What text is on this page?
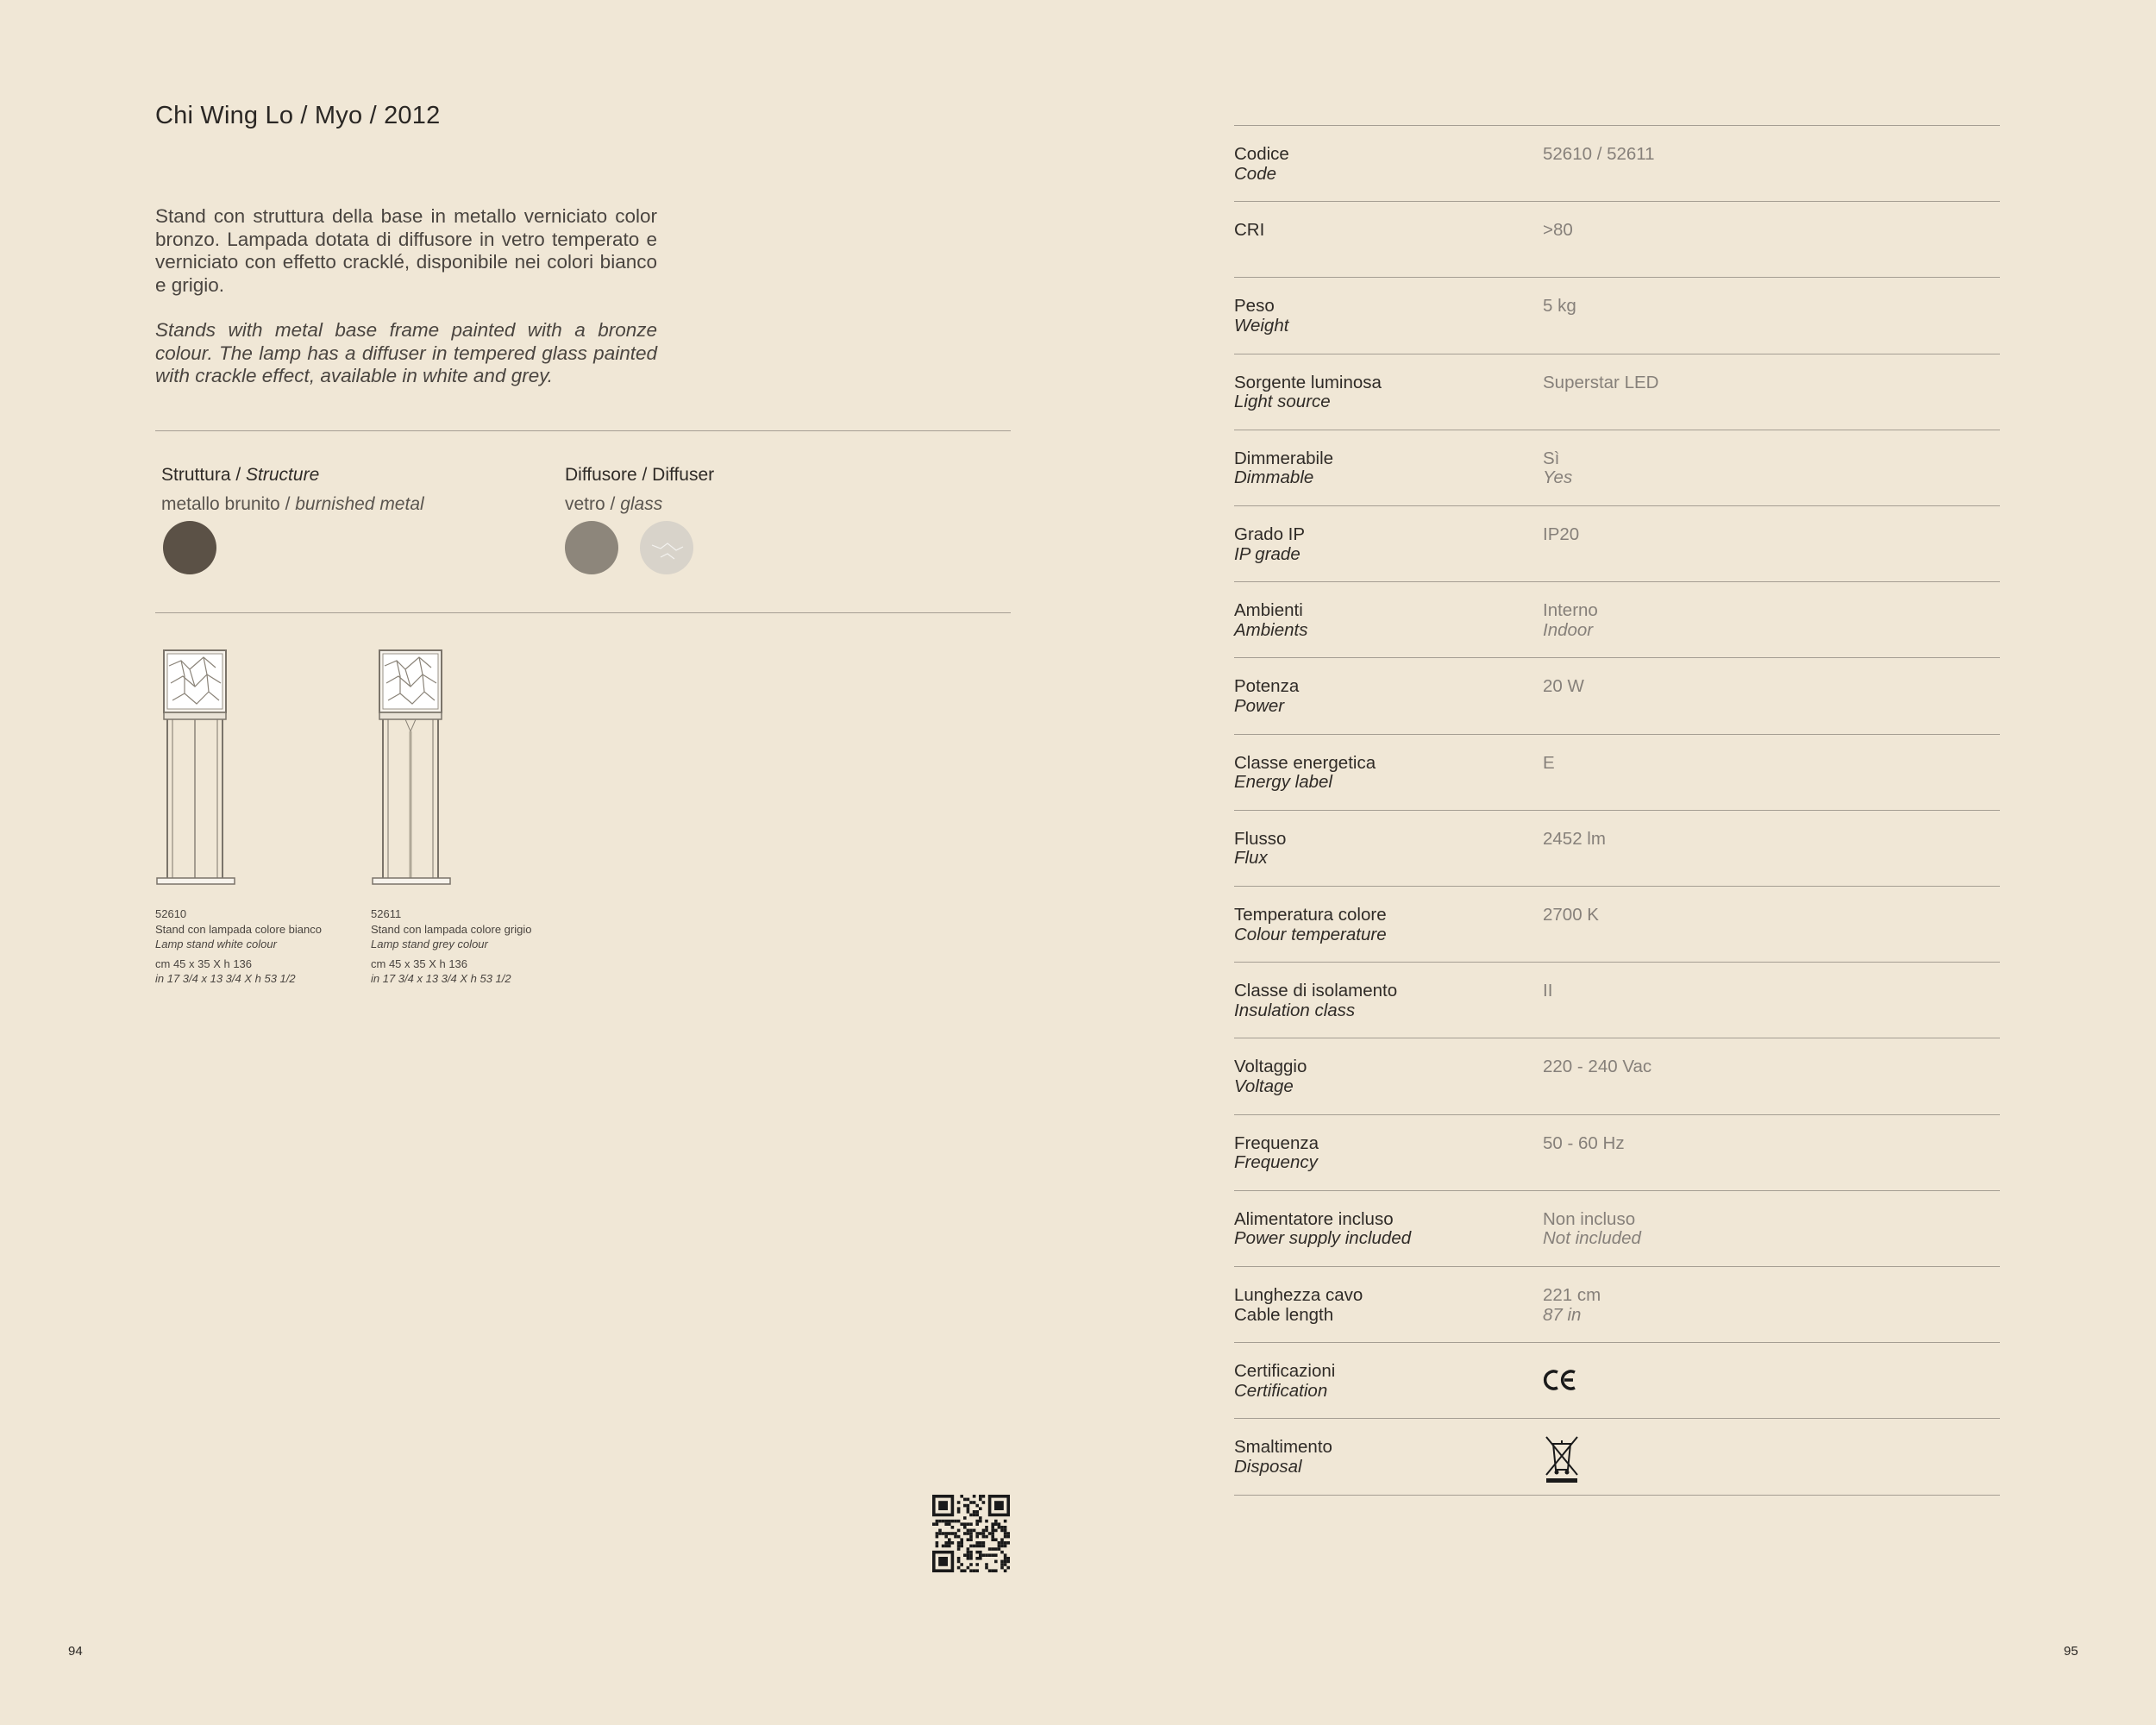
Chi Wing Lo / Myo / 2012
Stand con struttura della base in metallo verniciato color bronzo. Lampada dotata di diffusore in vetro temperato e verniciato con effetto cracklé, disponibile nei colori bianco e grigio.
Stands with metal base frame painted with a bronze colour. The lamp has a diffuser in tempered glass painted with crackle effect, available in white and grey.
Struttura / Structure
metallo brunito / burnished metal
Diffusore / Diffuser
vetro / glass
52610
Stand con lampada colore bianco
Lamp stand white colour
cm 45 x 35 X h 136
in 17 3/4 x 13 3/4 X h 53 1/2
52611
Stand con lampada colore grigio
Lamp stand grey colour
cm 45 x 35 X h 136
in 17 3/4 x 13 3/4 X h 53 1/2
94
Codice
Code
52610 / 52611
CRI	>80
Peso
Weight
5 kg
Sorgente luminosa
Light source
Superstar LED
Dimmerabile
Dimmable
Sì
Yes
Grado IP
IP grade
IP20
Ambienti
Ambients
Interno
Indoor
Potenza
Power
20 W
Classe energetica
Energy label
E
Flusso
Flux
2452 lm
Temperatura colore
Colour temperature
2700 K
Classe di isolamento
Insulation class
II
Voltaggio
Voltage
220 - 240 Vac
Frequenza
Frequency
50 - 60 Hz
Alimentatore incluso
Power supply included
Non incluso
Not included
Lunghezza cavo
Cable length
221 cm
87 in
Certificazioni
Certification
Smaltimento
Disposal
95
